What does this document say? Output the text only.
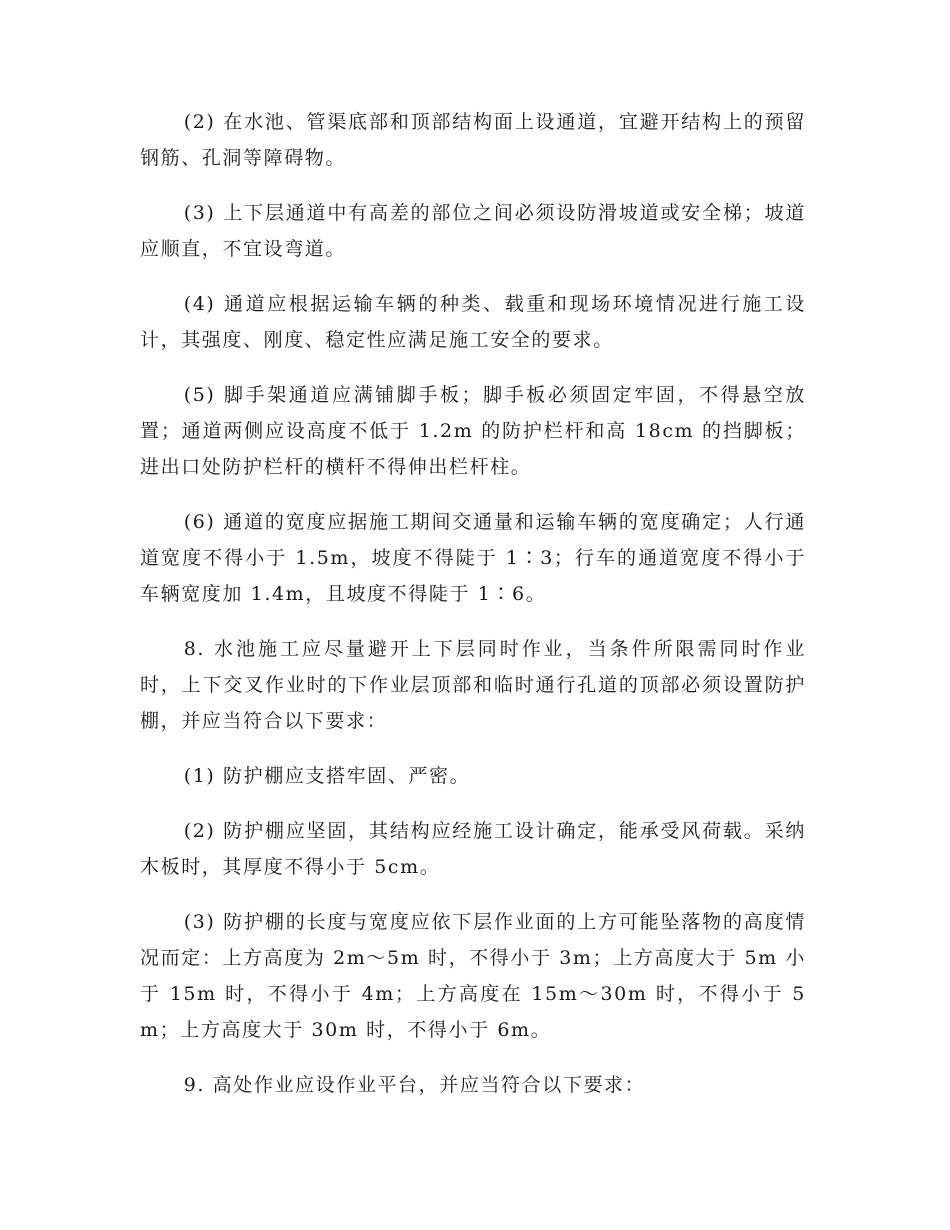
(2) 在水池、管渠底部和顶部结构面上设通道，宜避开结构上的预留钢筋、孔洞等障碍物。

(3) 上下层通道中有高差的部位之间必须设防滑坡道或安全梯；坡道应顺直，不宜设弯道。

(4) 通道应根据运输车辆的种类、载重和现场环境情况进行施工设计，其强度、刚度、稳定性应满足施工安全的要求。

(5) 脚手架通道应满铺脚手板；脚手板必须固定牢固，不得悬空放置；通道两侧应设高度不低于 1.2m 的防护栏杆和高 18cm 的挡脚板；进出口处防护栏杆的横杆不得伸出栏杆柱。

(6) 通道的宽度应据施工期间交通量和运输车辆的宽度确定；人行通道宽度不得小于 1.5m，坡度不得陡于 1∶3；行车的通道宽度不得小于车辆宽度加 1.4m，且坡度不得陡于 1∶6。

8. 水池施工应尽量避开上下层同时作业，当条件所限需同时作业时，上下交叉作业时的下作业层顶部和临时通行孔道的顶部必须设置防护棚，并应当符合以下要求：

(1) 防护棚应支搭牢固、严密。

(2) 防护棚应坚固，其结构应经施工设计确定，能承受风荷载。采纳木板时，其厚度不得小于 5cm。

(3) 防护棚的长度与宽度应依下层作业面的上方可能坠落物的高度情况而定：上方高度为 2m～5m 时，不得小于 3m；上方高度大于 5m 小于 15m 时，不得小于 4m；上方高度在 15m～30m 时，不得小于 5m；上方高度大于 30m 时，不得小于 6m。

9. 高处作业应设作业平台，并应当符合以下要求：
